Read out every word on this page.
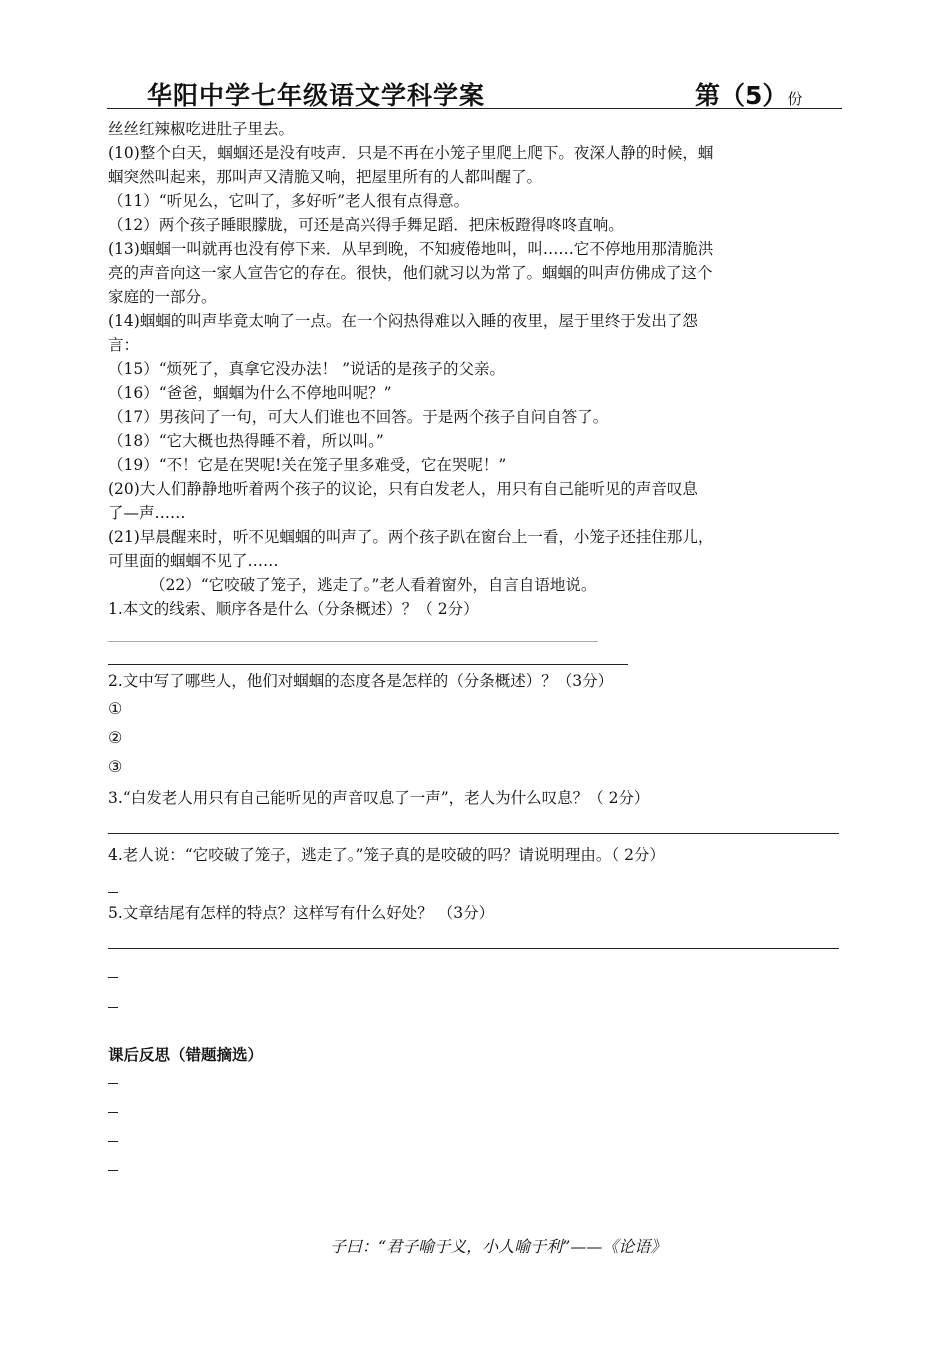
华阳中学七年级语文学科学案	第（5）份
丝丝红辣椒吃进肚子里去。
(10)整个白天，蝈蝈还是没有吱声．只是不再在小笼子里爬上爬下。夜深人静的时候，蝈
蝈突然叫起来，那叫声又清脆又响，把屋里所有的人都叫醒了。
（11）“听见么，它叫了，多好听”老人很有点得意。
（12）两个孩子睡眼朦胧，可还是高兴得手舞足蹈．把床板蹬得咚咚直响。
(13)蝈蝈一叫就再也没有停下来．从早到晚，不知疲倦地叫，叫……它不停地用那清脆洪
亮的声音向这一家人宣告它的存在。很快，他们就习以为常了。蝈蝈的叫声仿佛成了这个
家庭的一部分。
(14)蝈蝈的叫声毕竟太响了一点。在一个闷热得难以入睡的夜里，屋于里终于发出了怨
言：
（15）“烦死了，真拿它没办法！ ”说话的是孩子的父亲。
（16）“爸爸，蝈蝈为什么不停地叫呢？”
（17）男孩问了一句，可大人们谁也不回答。于是两个孩子自问自答了。
（18）“它大概也热得睡不着，所以叫。”
（19）“不！它是在哭呢!关在笼子里多难受，它在哭呢！”
(20)大人们静静地听着两个孩子的议论，只有白发老人，用只有自己能听见的声音叹息
了—声……
(21)早晨醒来时，听不见蝈蝈的叫声了。两个孩子趴在窗台上一看，小笼子还挂住那儿，
可里面的蝈蝈不见了……
（22）“它咬破了笼子，逃走了。”老人看着窗外，自言自语地说。
1.本文的线索、顺序各是什么（分条概述）？（ 2分）
2.文中写了哪些人，他们对蝈蝈的态度各是怎样的（分条概述）？（3分）
①
②
③
3.“白发老人用只有自己能听见的声音叹息了一声”，老人为什么叹息？（ 2分）
4.老人说：“它咬破了笼子，逃走了。”笼子真的是咬破的吗？请说明理由。（ 2分）
5.文章结尾有怎样的特点？这样写有什么好处？ （3分）
课后反思（错题摘选）
子曰：“君子喻于义，小人喻于利”——《论语》
